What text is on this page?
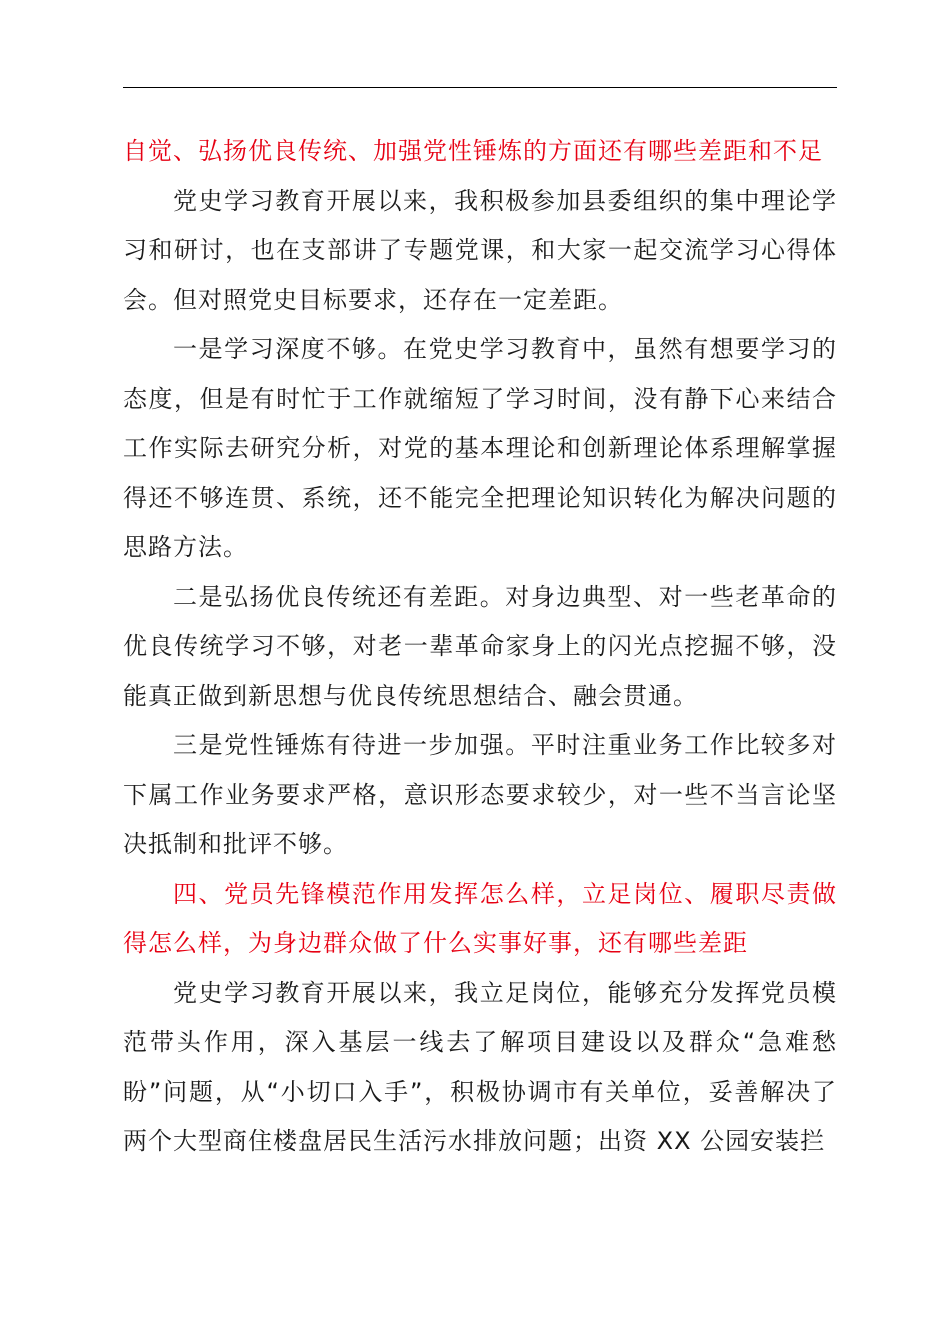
自觉、弘扬优良传统、加强党性锤炼的方面还有哪些差距和不足

党史学习教育开展以来，我积极参加县委组织的集中理论学习和研讨，也在支部讲了专题党课，和大家一起交流学习心得体会。但对照党史目标要求，还存在一定差距。

一是学习深度不够。在党史学习教育中，虽然有想要学习的态度，但是有时忙于工作就缩短了学习时间，没有静下心来结合工作实际去研究分析，对党的基本理论和创新理论体系理解掌握得还不够连贯、系统，还不能完全把理论知识转化为解决问题的思路方法。

二是弘扬优良传统还有差距。对身边典型、对一些老革命的优良传统学习不够，对老一辈革命家身上的闪光点挖掘不够，没能真正做到新思想与优良传统思想结合、融会贯通。

三是党性锤炼有待进一步加强。平时注重业务工作比较多对下属工作业务要求严格，意识形态要求较少，对一些不当言论坚决抵制和批评不够。

四、党员先锋模范作用发挥怎么样，立足岗位、履职尽责做得怎么样，为身边群众做了什么实事好事，还有哪些差距

党史学习教育开展以来，我立足岗位，能够充分发挥党员模范带头作用，深入基层一线去了解项目建设以及群众“急难愁盼”问题，从“小切口入手”，积极协调市有关单位，妥善解决了两个大型商住楼盘居民生活污水排放问题；出资 XX 公园安装拦
